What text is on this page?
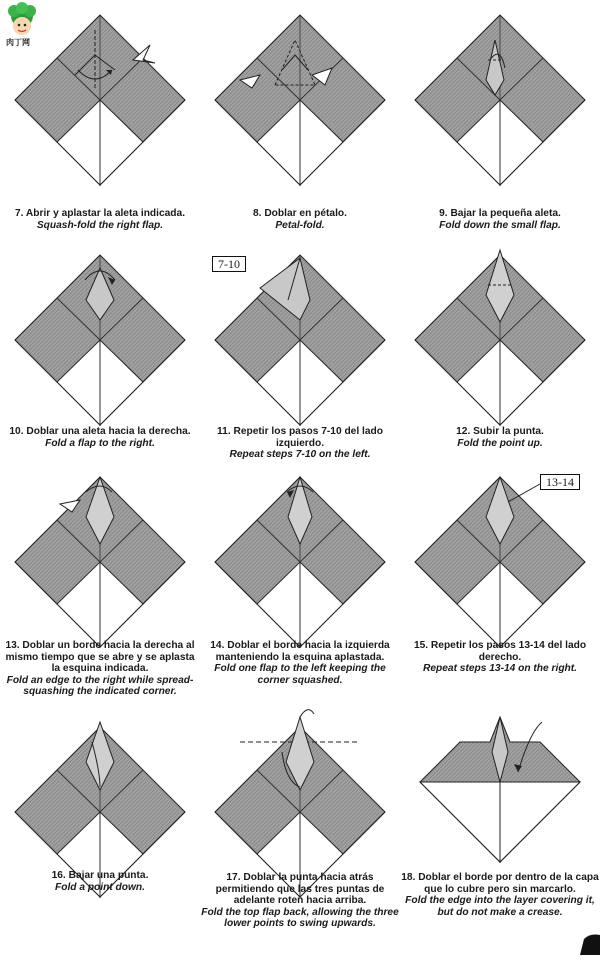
肉丁网
7. Abrir y aplastar la aleta indicada.
Squash-fold the right flap.
8. Doblar en pétalo.
Petal-fold.
9. Bajar la pequeña aleta.
Fold down the small flap.
10. Doblar una aleta hacia la derecha.
Fold a flap to the right.
7-10
11. Repetir los pasos 7-10 del lado izquierdo.
Repeat steps 7-10 on the left.
12. Subir la punta.
Fold the point up.
13. Doblar un borde hacia la derecha al mismo tiempo que se abre y se aplasta la esquina indicada.
Fold an edge to the right while spread-squashing the indicated corner.
14. Doblar el borde hacia la izquierda manteniendo la esquina aplastada.
Fold one flap to the left keeping the corner squashed.
13-14
15. Repetir los pasos 13-14 del lado derecho.
Repeat steps 13-14 on the right.
16. Bajar una punta.
Fold a point down.
17. Doblar la punta hacia atrás permitiendo que las tres puntas de adelante roten hacia arriba.
Fold the top flap back, allowing the three lower points to swing upwards.
18. Doblar el borde por dentro de la capa que lo cubre pero sin marcarlo.
Fold the edge into the layer covering it, but do not make a crease.
